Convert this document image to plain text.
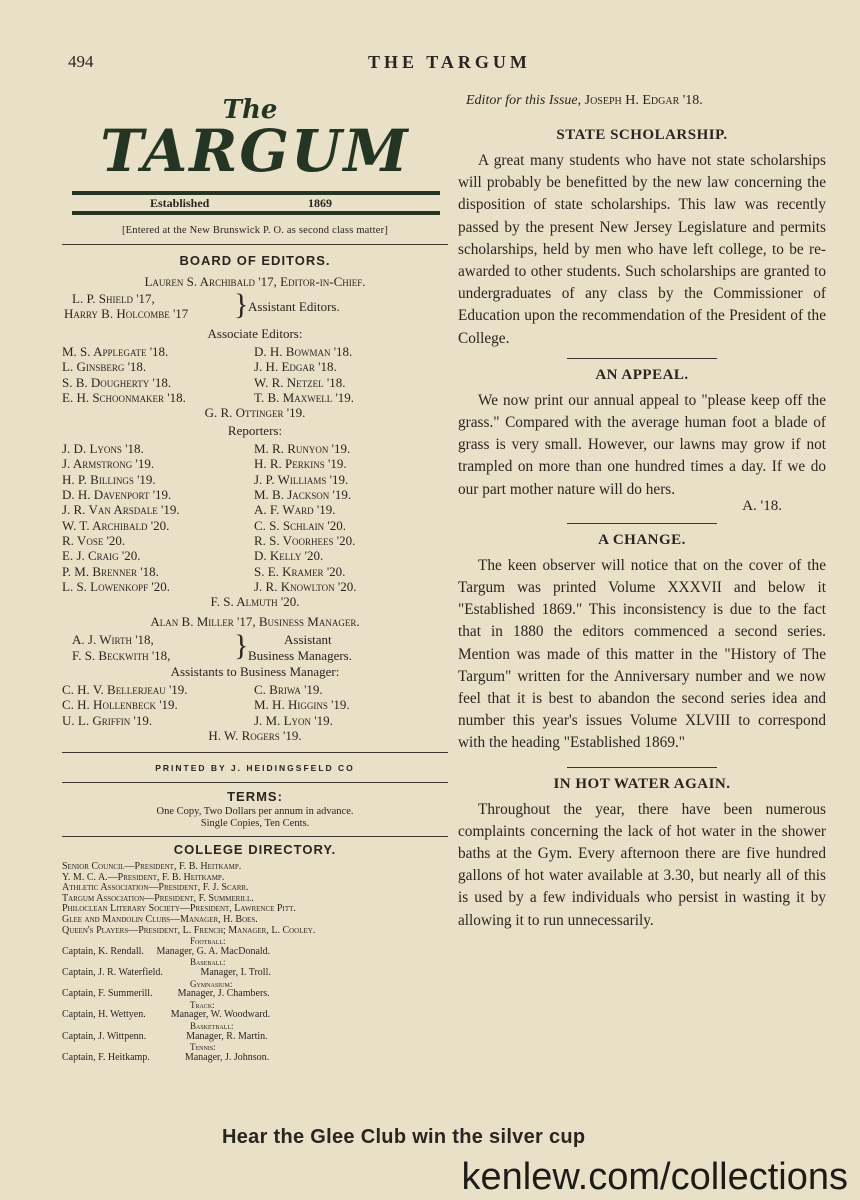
494	THE TARGUM
The
TARGUM
Established	1869
[Entered at the New Brunswick P. O. as second class matter]
BOARD OF EDITORS.
Lauren S. Archibald '17, Editor-in-Chief.
L. P. Shield '17,
Harry B. Holcombe '17 } Assistant Editors.
Associate Editors:
M. S. Applegate '18.	D. H. Bowman '18.
L. Ginsberg '18.	J. H. Edgar '18.
S. B. Dougherty '18.	W. R. Netzel '18.
E. H. Schoonmaker '18.	T. B. Maxwell '19.
G. R. Ottinger '19.
Reporters:
J. D. Lyons '18.	M. R. Runyon '19.
J. Armstrong '19.	H. R. Perkins '19.
H. P. Billings '19.	J. P. Williams '19.
D. H. Davenport '19.	M. B. Jackson '19.
J. R. Van Arsdale '19.	A. F. Ward '19.
W. T. Archibald '20.	C. S. Schlain '20.
R. Vose '20.	R. S. Voorhees '20.
E. J. Craig '20.	D. Kelly '20.
P. M. Brenner '18.	S. E. Kramer '20.
L. S. Lowenkopf '20.	J. R. Knowlton '20.
F. S. Almuth '20.
Alan B. Miller '17, Business Manager.
A. J. Wirth '18,
F. S. Beckwith '18, }	Assistant
Business Managers.
Assistants to Business Manager:
C. H. V. Bellerjeau '19.	C. Briwa '19.
C. H. Hollenbeck '19.	M. H. Higgins '19.
U. L. Griffin '19.	J. M. Lyon '19.
H. W. Rogers '19.
PRINTED BY J. HEIDINGSFELD CO
TERMS:
One Copy, Two Dollars per annum in advance.
Single Copies, Ten Cents.
COLLEGE DIRECTORY.
Senior Council—President, F. B. Heitkamp.
Y. M. C. A.—President, F. B. Heitkamp.
Athletic Association—President, F. J. Scarr.
Targum Association—President, F. Summerill.
Philoclean Literary Society—President, Lawrence Pitt.
Glee and Mandolin Clubs—Manager, H. Boes.
Queen's Players—President, L. French; Manager, L. Cooley.
Football:
Captain, K. Rendall. Manager, G. A. MacDonald.
Baseball:
Captain, J. R. Waterfield.	Manager, I. Troll.
Gymnasium:
Captain, F. Summerill.	Manager, J. Chambers.
Track:
Captain, H. Wettyen.	Manager, W. Woodward.
Basketball:
Captain, J. Wittpenn.	Manager, R. Martin.
Tennis:
Captain, F. Heitkamp.	Manager, J. Johnson.
Editor for this Issue, Joseph H. Edgar '18.
STATE SCHOLARSHIP.
A great many students who have not state scholarships will probably be benefitted by the new law concerning the disposition of state scholarships. This law was recently passed by the present New Jersey Legislature and permits scholarships, held by men who have left college, to be re-awarded to other students. Such scholarships are granted to undergraduates of any class by the Commissioner of Education upon the recommendation of the President of the College.
AN APPEAL.
We now print our annual appeal to "please keep off the grass." Compared with the average human foot a blade of grass is very small. However, our lawns may grow if not trampled on more than one hundred times a day. If we do our part mother nature will do hers.
A. '18.
A CHANGE.
The keen observer will notice that on the cover of the Targum was printed Volume XXXVII and below it "Established 1869." This inconsistency is due to the fact that in 1880 the editors commenced a second series. Mention was made of this matter in the "History of The Targum" written for the Anniversary number and we now feel that it is best to abandon the second series idea and number this year's issues Volume XLVIII to correspond with the heading "Established 1869."
IN HOT WATER AGAIN.
Throughout the year, there have been numerous complaints concerning the lack of hot water in the shower baths at the Gym. Every afternoon there are five hundred gallons of hot water available at 3.30, but nearly all of this is used by a few individuals who persist in wasting it by allowing it to run unnecessarily.
Hear the Glee Club win the silver cup
kenlew.com/collections
